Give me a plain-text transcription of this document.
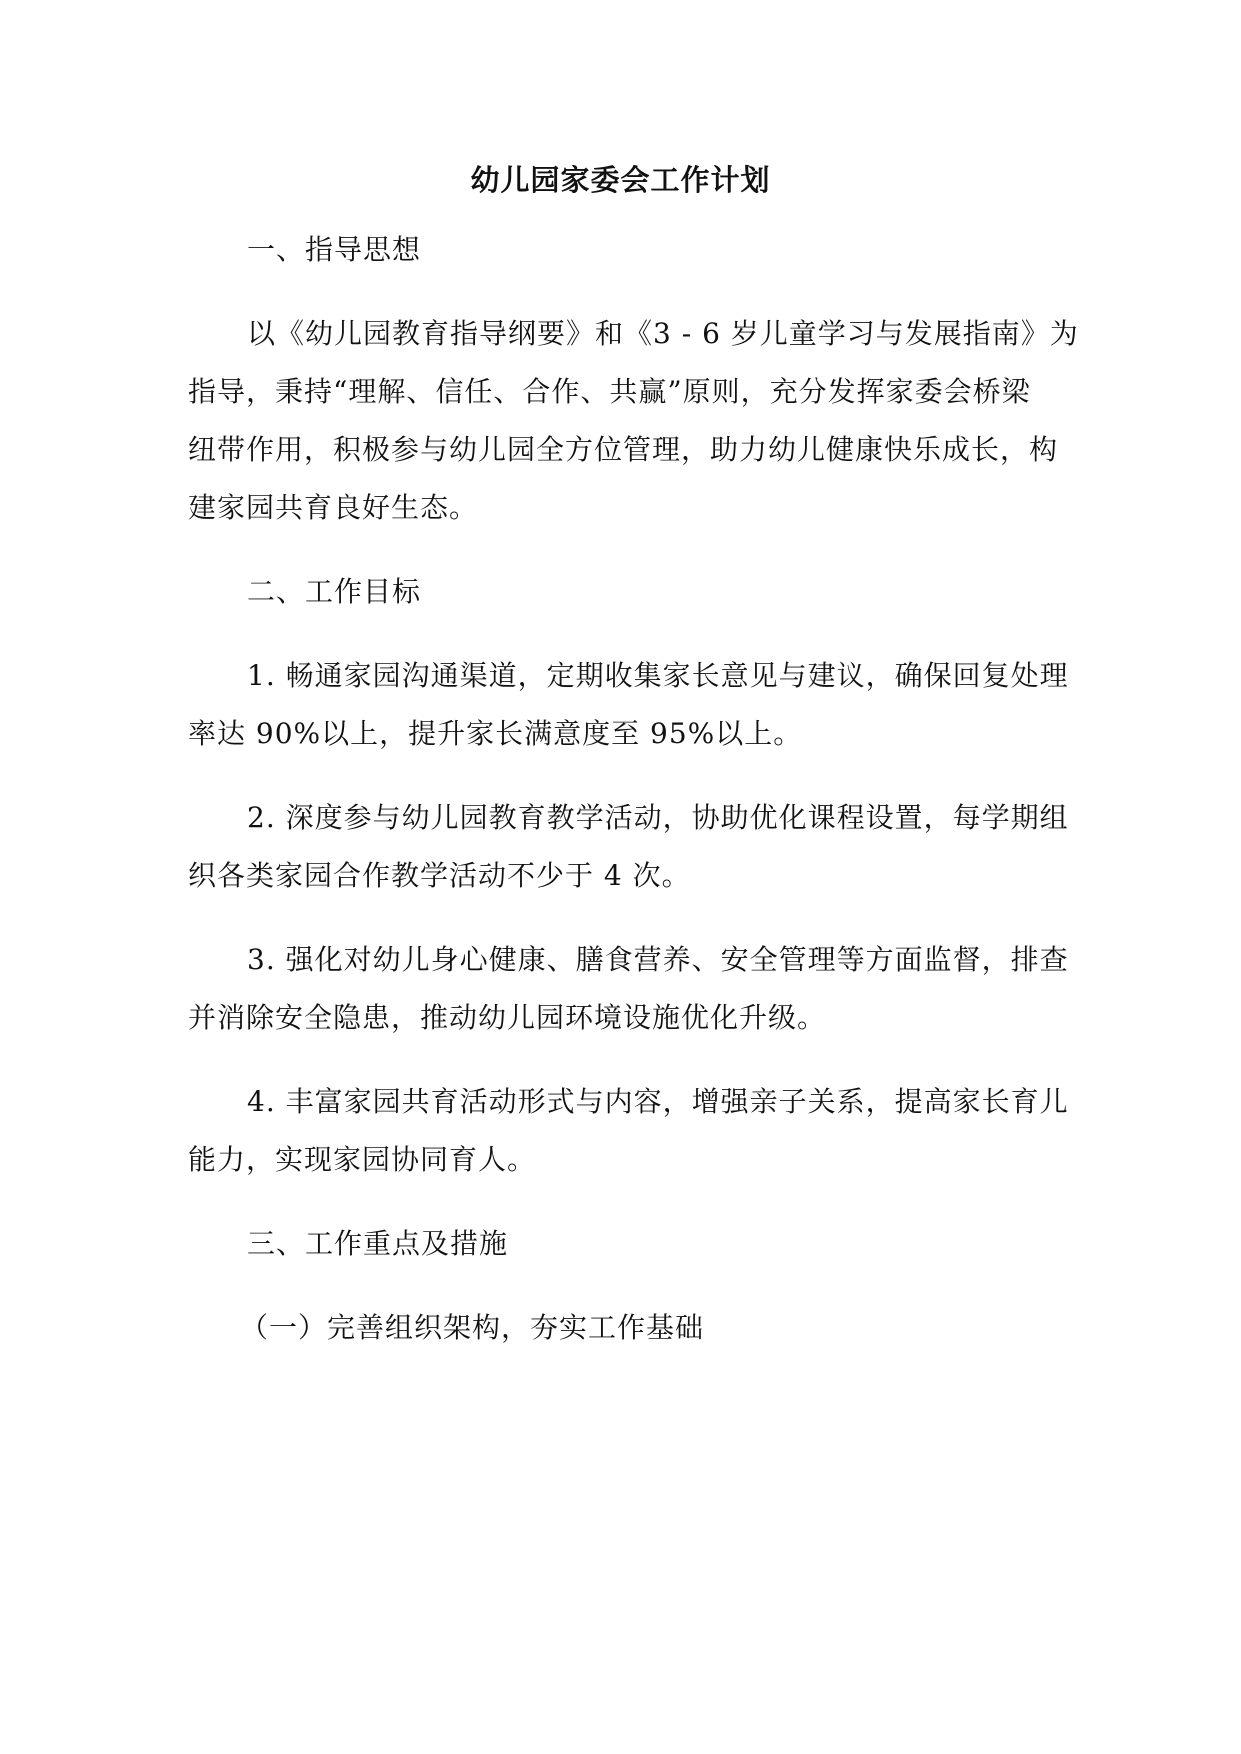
幼儿园家委会工作计划
一、指导思想
以《幼儿园教育指导纲要》和《3 - 6 岁儿童学习与发展指南》为
指导，秉持“理解、信任、合作、共赢”原则，充分发挥家委会桥梁
纽带作用，积极参与幼儿园全方位管理，助力幼儿健康快乐成长，构
建家园共育良好生态。
二、工作目标
1. 畅通家园沟通渠道，定期收集家长意见与建议，确保回复处理
率达 90%以上，提升家长满意度至 95%以上。
2. 深度参与幼儿园教育教学活动，协助优化课程设置，每学期组
织各类家园合作教学活动不少于 4 次。
3. 强化对幼儿身心健康、膳食营养、安全管理等方面监督，排查
并消除安全隐患，推动幼儿园环境设施优化升级。
4. 丰富家园共育活动形式与内容，增强亲子关系，提高家长育儿
能力，实现家园协同育人。
三、工作重点及措施
（一）完善组织架构，夯实工作基础
